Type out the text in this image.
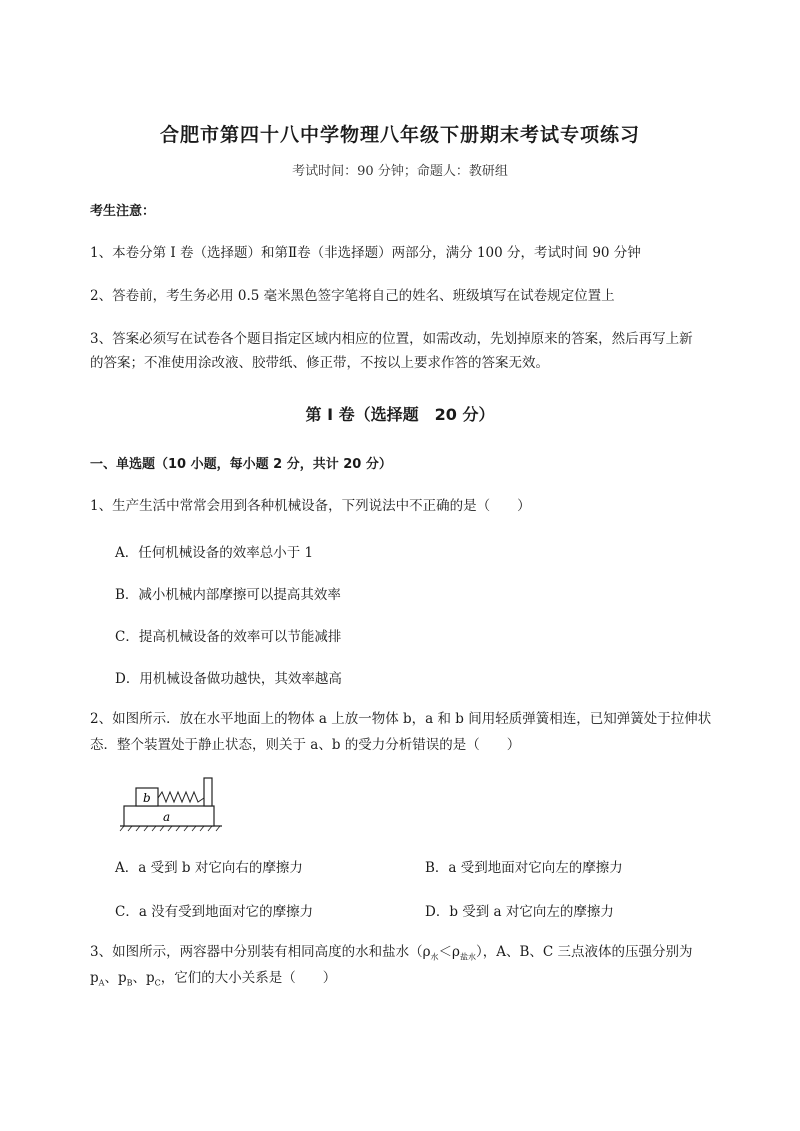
合肥市第四十八中学物理八年级下册期末考试专项练习
考试时间：90 分钟；命题人：教研组
考生注意：
1、本卷分第 I 卷（选择题）和第Ⅱ卷（非选择题）两部分，满分 100 分，考试时间 90 分钟
2、答卷前，考生务必用 0.5 毫米黑色签字笔将自己的姓名、班级填写在试卷规定位置上
3、答案必须写在试卷各个题目指定区域内相应的位置，如需改动，先划掉原来的答案，然后再写上新
的答案；不准使用涂改液、胶带纸、修正带，不按以上要求作答的答案无效。
第 I 卷（选择题　20 分）
一、单选题（10 小题，每小题 2 分，共计 20 分）
1、生产生活中常常会用到各种机械设备，下列说法中不正确的是（　　）
A．任何机械设备的效率总小于 1
B．减小机械内部摩擦可以提高其效率
C．提高机械设备的效率可以节能减排
D．用机械设备做功越快，其效率越高
2、如图所示．放在水平地面上的物体 a 上放一物体 b，a 和 b 间用轻质弹簧相连，已知弹簧处于拉伸状
态．整个装置处于静止状态，则关于 a、b 的受力分析错误的是（　　）
b
a
A．a 受到 b 对它向右的摩擦力	B．a 受到地面对它向左的摩擦力
C．a 没有受到地面对它的摩擦力	D．b 受到 a 对它向左的摩擦力
3、如图所示，两容器中分别装有相同高度的水和盐水$(\rho_水<\rho_{盐水})$，A、B、C 三点液体的压强分别为
$p_A$、$p_B$、$p_C$，它们的大小关系是（　　）
